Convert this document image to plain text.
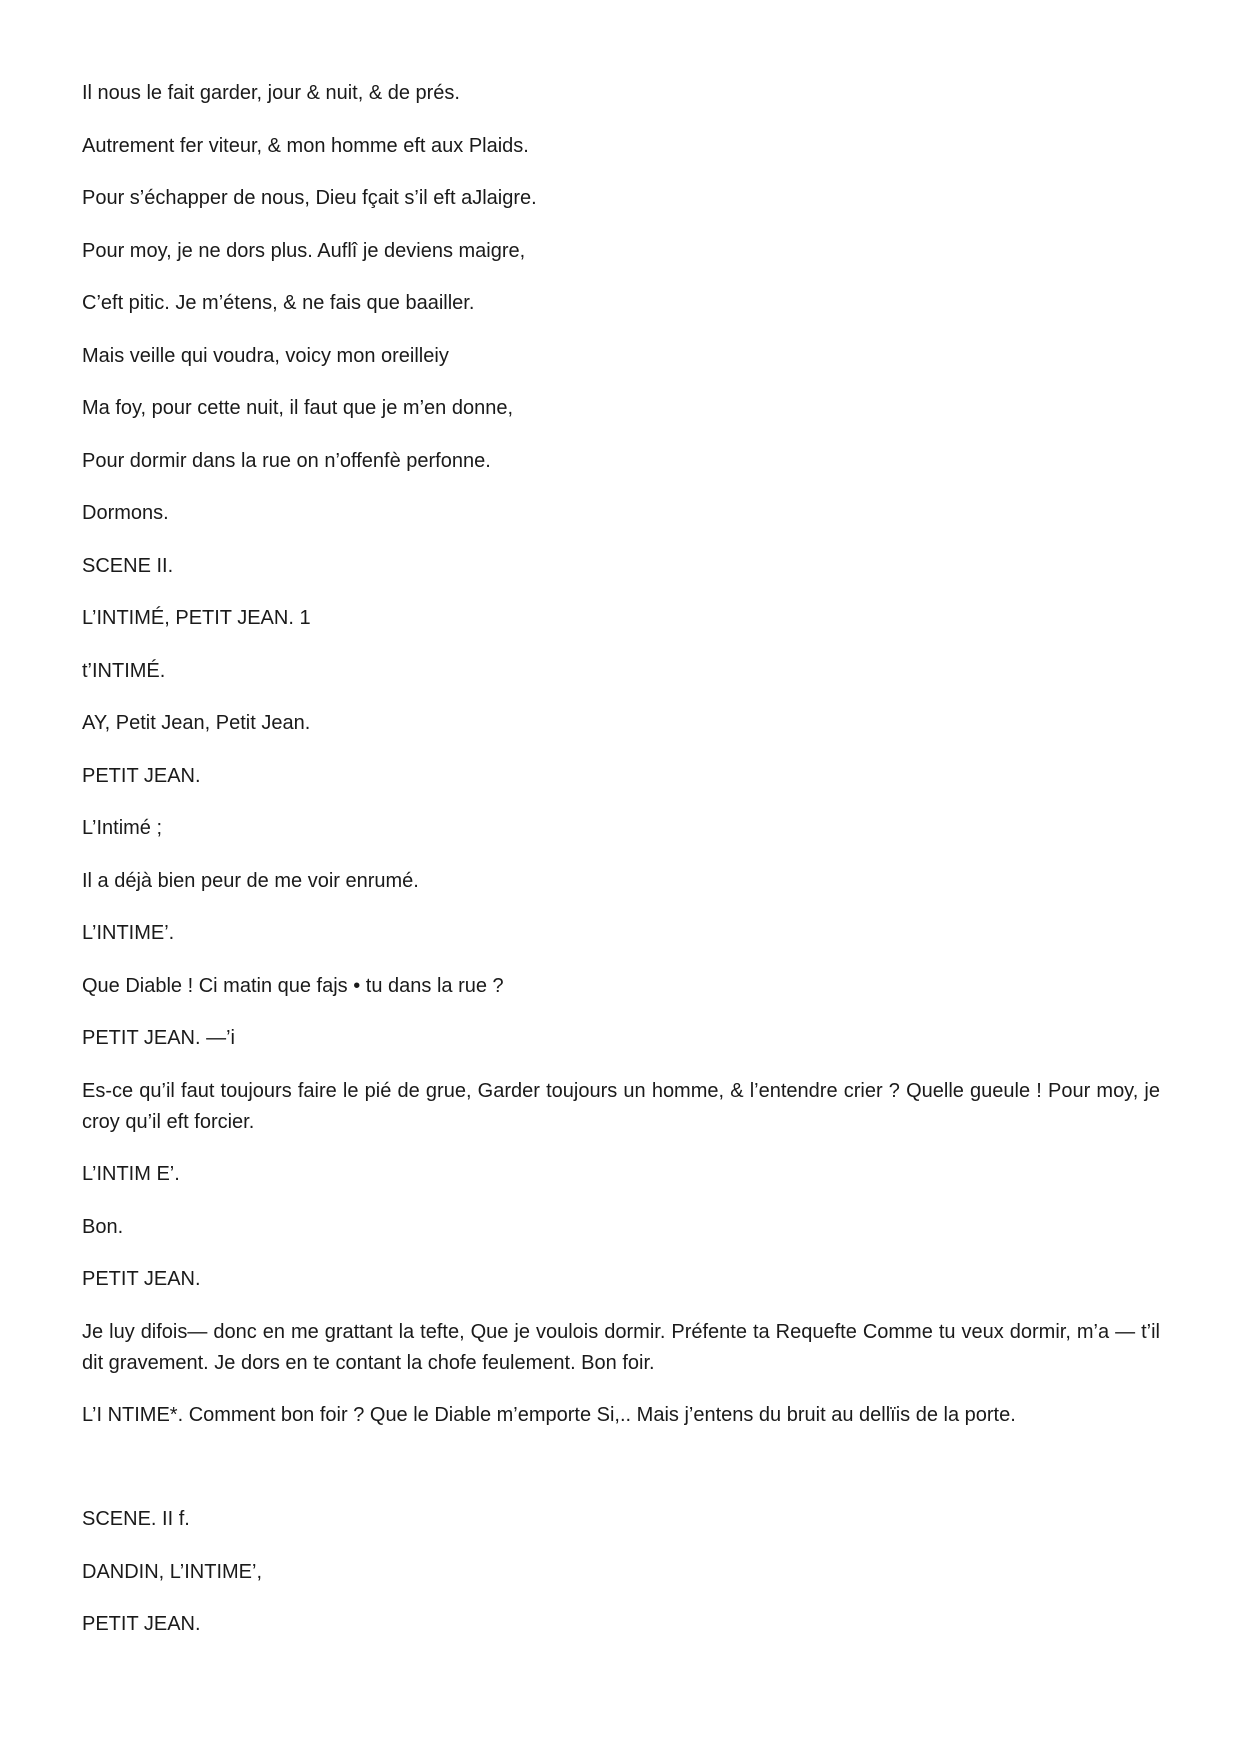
Il nous le fait garder, jour & nuit, & de prés.

Autrement fer viteur, & mon homme eft aux Plaids.

Pour s’échapper de nous, Dieu fçait s’il eft aJlaigre.

Pour moy, je ne dors plus. Auflî je deviens maigre,

C’eft pitic. Je m’étens, & ne fais que baailler.

Mais veille qui voudra, voicy mon oreilleiy

Ma foy, pour cette nuit, il faut que je m’en donne,

Pour dormir dans la rue on n’offenfè perfonne.

Dormons.

SCENE II.

L’INTIMÉ, PETIT JEAN. 1

t’INTIMÉ.

AY, Petit Jean, Petit Jean.

PETIT JEAN.

L’Intimé ;

Il a déjà bien peur de me voir enrumé.

L’INTIME’.

Que Diable ! Ci matin que fajs • tu dans la rue ?

PETIT JEAN. —’i

Es-ce qu’il faut toujours faire le pié de grue, Garder toujours un homme, & l’entendre crier ? Quelle gueule ! Pour moy, je croy qu’il eft forcier.

L’INTIM E’.

Bon.

PETIT JEAN.

Je luy difois— donc en me grattant la tefte, Que je voulois dormir. Préfente ta Requefte Comme tu veux dormir, m’a — t’il dit gravement. Je dors en te contant la chofe feulement. Bon foir.

L’I NTIME*. Comment bon foir ? Que le Diable m’emporte Si,.. Mais j’entens du bruit au dellïis de la porte.

SCENE. II f.

DANDIN, L’INTIME’,

PETIT JEAN.
